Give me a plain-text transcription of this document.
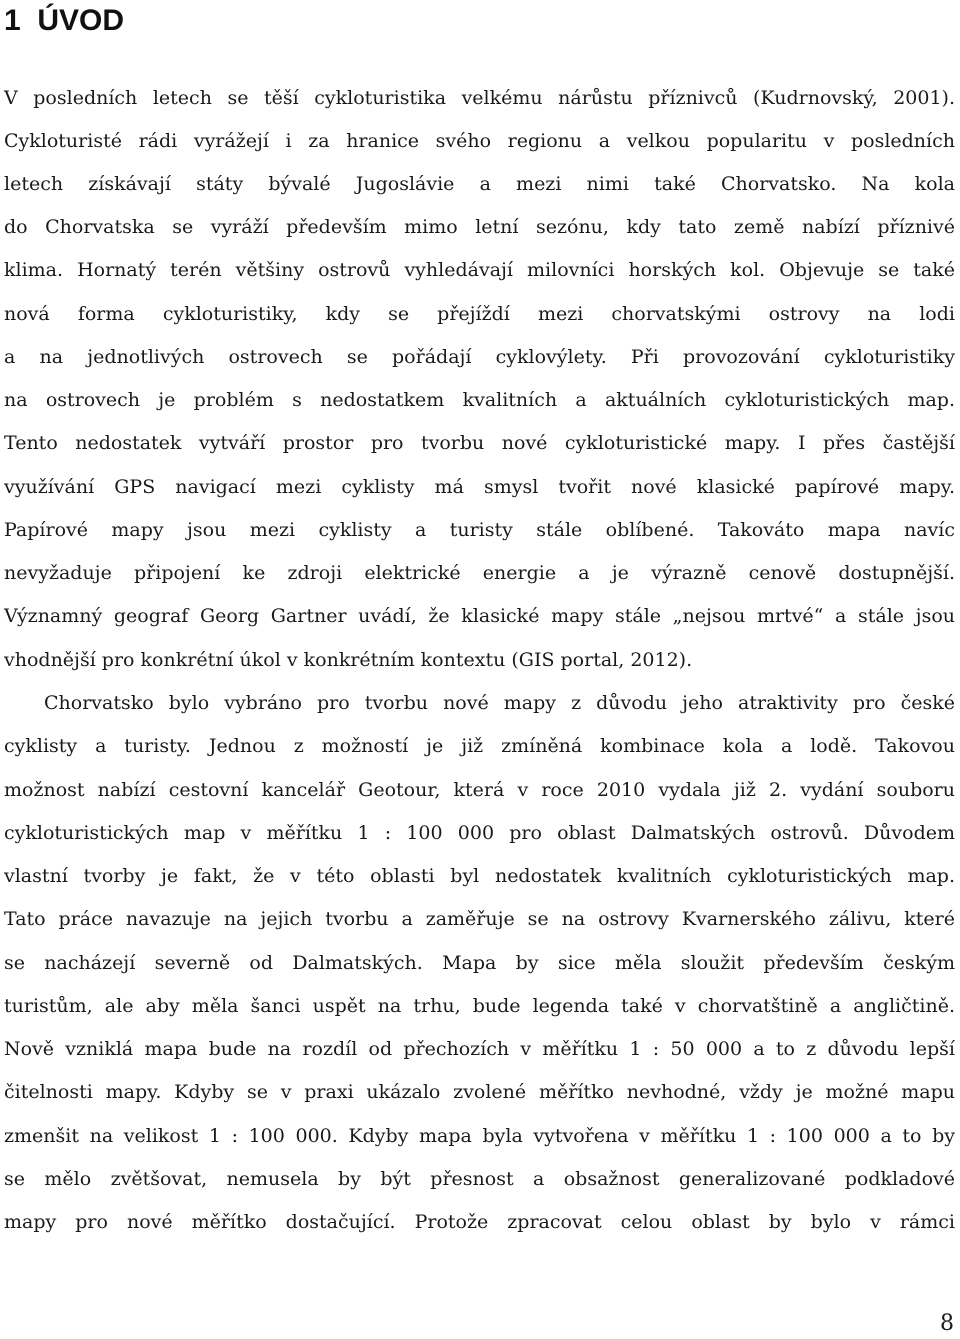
1  ÚVOD
V posledních letech se těší cykloturistika velkému nárůstu příznivců (Kudrnovský, 2001).
Cykloturisté rádi vyrážejí i za hranice svého regionu a velkou popularitu v posledních
letech získávají státy bývalé Jugoslávie a mezi nimi také Chorvatsko. Na kola
do Chorvatska se vyráží především mimo letní sezónu, kdy tato země nabízí příznivé
klima. Hornatý terén většiny ostrovů vyhledávají milovníci horských kol. Objevuje se také
nová forma cykloturistiky, kdy se přejíždí mezi chorvatskými ostrovy na lodi
a na jednotlivých ostrovech se pořádají cyklovýlety. Při provozování cykloturistiky
na ostrovech je problém s nedostatkem kvalitních a aktuálních cykloturistických map.
Tento nedostatek vytváří prostor pro tvorbu nové cykloturistické mapy. I přes častější
využívání GPS navigací mezi cyklisty má smysl tvořit nové klasické papírové mapy.
Papírové mapy jsou mezi cyklisty a turisty stále oblíbené. Takováto mapa navíc
nevyžaduje připojení ke zdroji elektrické energie a je výrazně cenově dostupnější.
Významný geograf Georg Gartner uvádí, že klasické mapy stále „nejsou mrtvé“ a stále jsou
vhodnější pro konkrétní úkol v konkrétním kontextu (GIS portal, 2012).
Chorvatsko bylo vybráno pro tvorbu nové mapy z důvodu jeho atraktivity pro české
cyklisty a turisty. Jednou z možností je již zmíněná kombinace kola a lodě. Takovou
možnost nabízí cestovní kancelář Geotour, která v roce 2010 vydala již 2. vydání souboru
cykloturistických map v měřítku 1 : 100 000 pro oblast Dalmatských ostrovů. Důvodem
vlastní tvorby je fakt, že v této oblasti byl nedostatek kvalitních cykloturistických map.
Tato práce navazuje na jejich tvorbu a zaměřuje se na ostrovy Kvarnerského zálivu, které
se nacházejí severně od Dalmatských. Mapa by sice měla sloužit především českým
turistům, ale aby měla šanci uspět na trhu, bude legenda také v chorvatštině a angličtině.
Nově vzniklá mapa bude na rozdíl od přechozích v měřítku 1 : 50 000 a to z důvodu lepší
čitelnosti mapy. Kdyby se v praxi ukázalo zvolené měřítko nevhodné, vždy je možné mapu
zmenšit na velikost 1 : 100 000. Kdyby mapa byla vytvořena v měřítku 1 : 100 000 a to by
se mělo zvětšovat, nemusela by být přesnost a obsažnost generalizované podkladové
mapy pro nové měřítko dostačující. Protože zpracovat celou oblast by bylo v rámci
8
